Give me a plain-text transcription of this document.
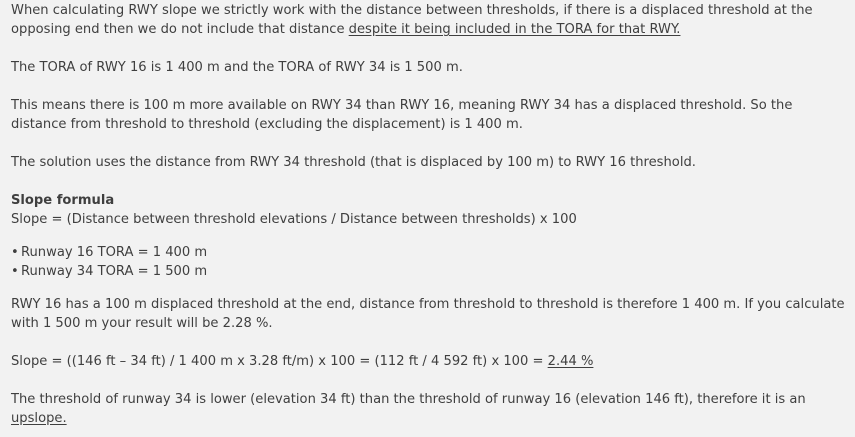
When calculating RWY slope we strictly work with the distance between thresholds, if there is a displaced threshold at the opposing end then we do not include that distance despite it being included in the TORA for that RWY.

The TORA of RWY 16 is 1 400 m and the TORA of RWY 34 is 1 500 m.

This means there is 100 m more available on RWY 34 than RWY 16, meaning RWY 34 has a displaced threshold. So the distance from threshold to threshold (excluding the displacement) is 1 400 m.

The solution uses the distance from RWY 34 threshold (that is displaced by 100 m) to RWY 16 threshold.

Slope formula
Slope = (Distance between threshold elevations / Distance between thresholds) x 100
• Runway 16 TORA = 1 400 m
• Runway 34 TORA = 1 500 m

RWY 16 has a 100 m displaced threshold at the end, distance from threshold to threshold is therefore 1 400 m. If you calculate with 1 500 m your result will be 2.28 %.

Slope = ((146 ft – 34 ft) / 1 400 m x 3.28 ft/m) x 100 = (112 ft / 4 592 ft) x 100 = 2.44 %

The threshold of runway 34 is lower (elevation 34 ft) than the threshold of runway 16 (elevation 146 ft), therefore it is an upslope.
